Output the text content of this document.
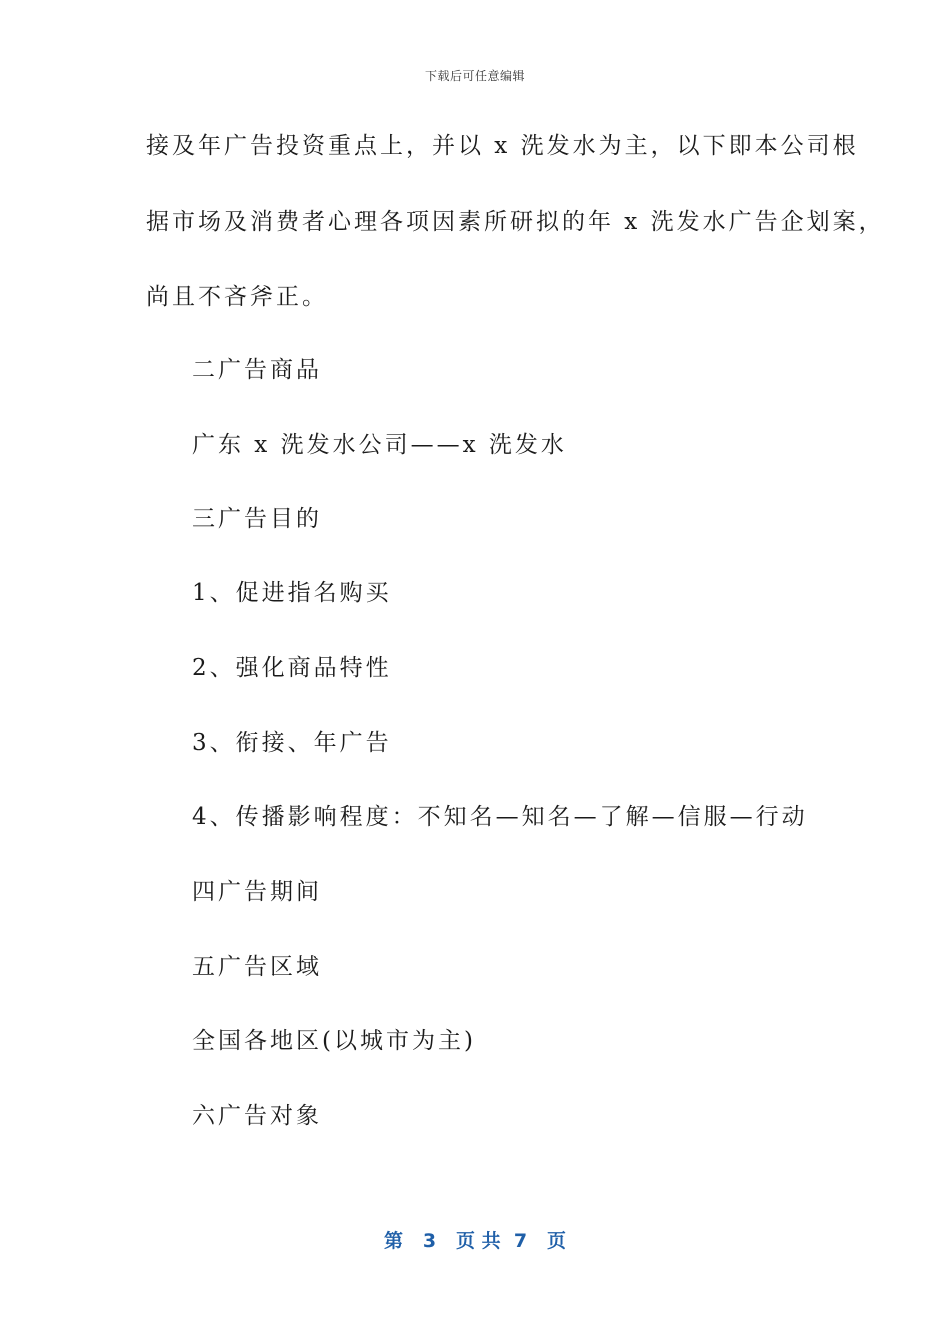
下载后可任意编辑
接及年广告投资重点上，并以 x 洗发水为主，以下即本公司根
据市场及消费者心理各项因素所研拟的年 x 洗发水广告企划案，
尚且不吝斧正。
二广告商品
广东 x 洗发水公司——x 洗发水
三广告目的
1、促进指名购买
2、强化商品特性
3、衔接、年广告
4、传播影响程度：不知名—知名—了解—信服—行动
四广告期间
五广告区域
全国各地区(以城市为主)
六广告对象
第 3 页 共 7 页
